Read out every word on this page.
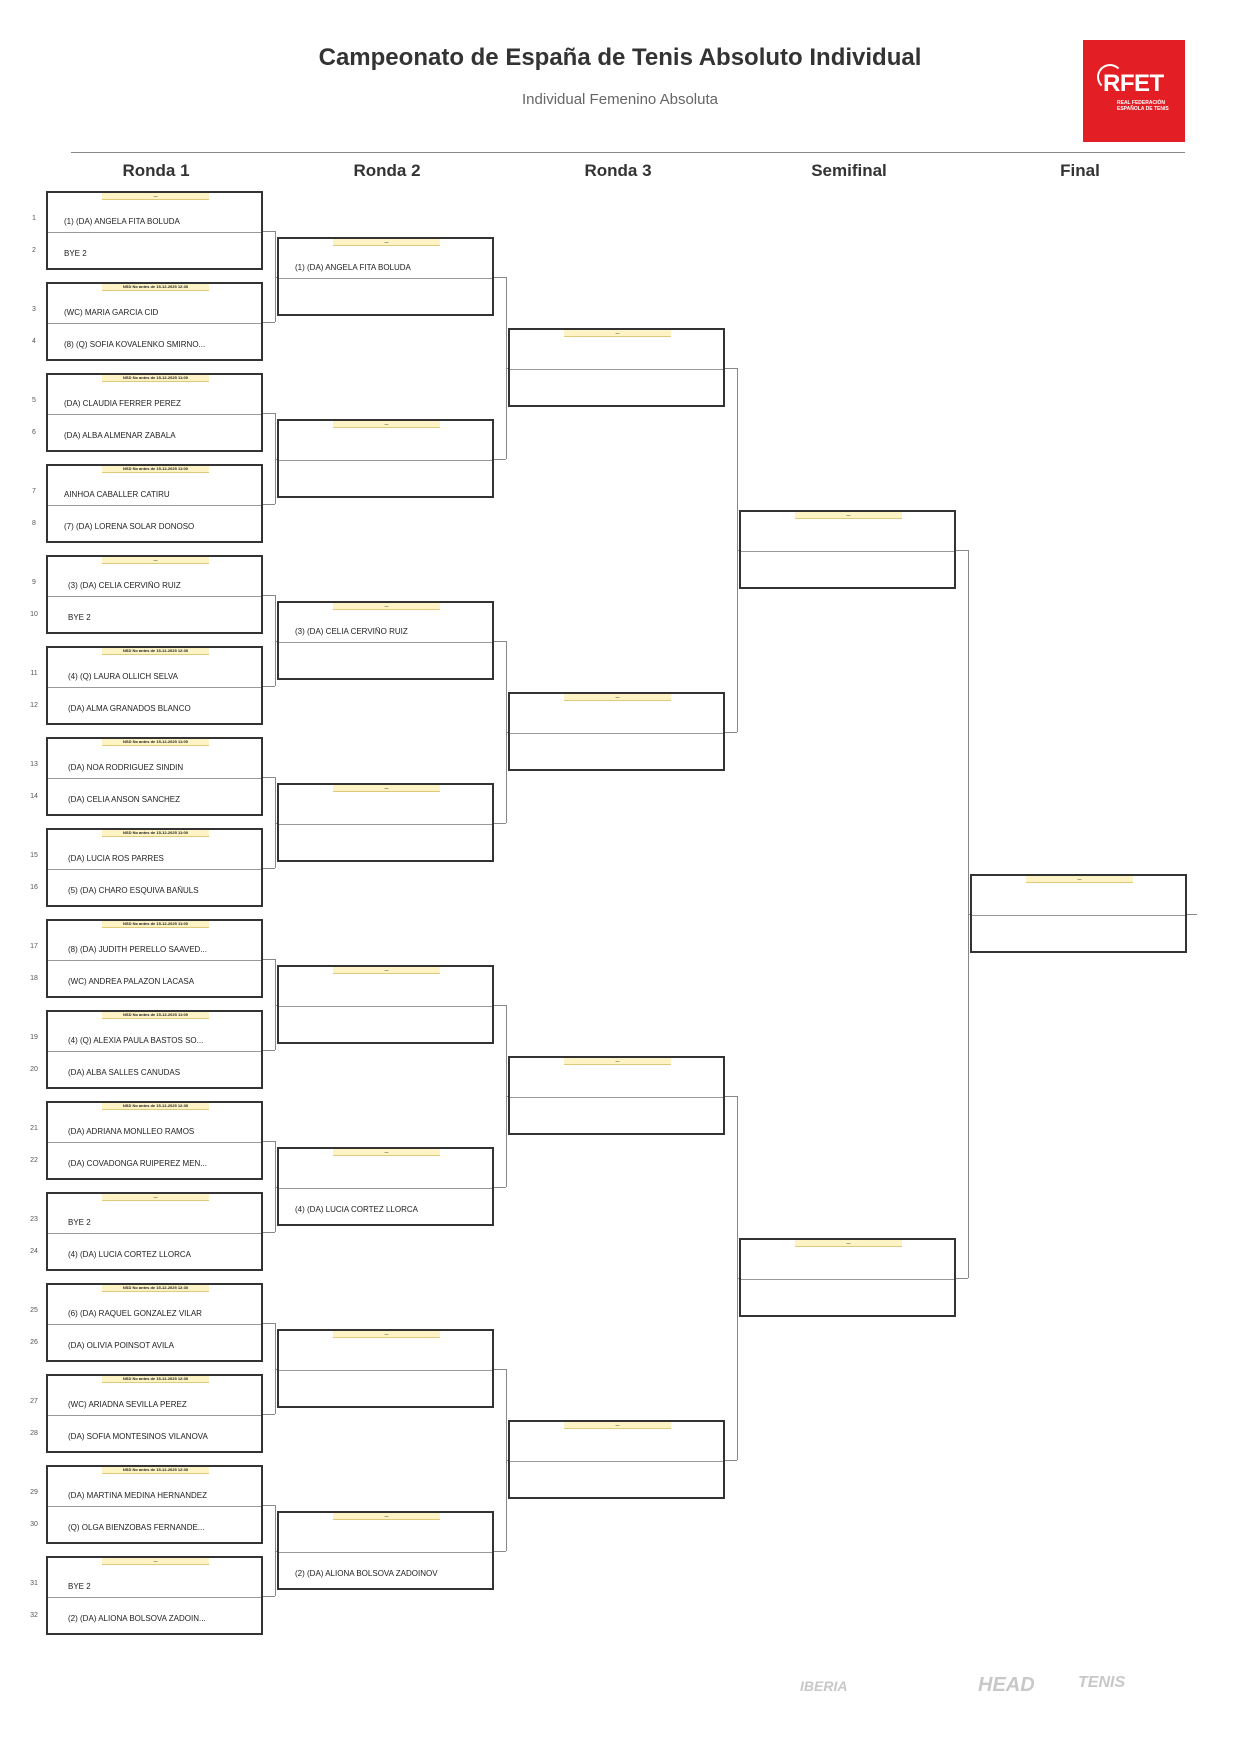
Campeonato de España de Tenis Absoluto Individual
Individual Femenino Absoluta
RFET
REAL FEDERACIÓN
ESPAÑOLA DE TENIS
Ronda 1	Ronda 2	Ronda 3	Semifinal	Final
—
(1) (DA) ANGELA FITA BOLUDA
BYE 2
NSD No antes de 15-12-2025 12:30
(WC) MARIA GARCIA CID
(8) (Q) SOFIA KOVALENKO SMIRNO...
NSD No antes de 15-12-2025 11:00
(DA) CLAUDIA FERRER PEREZ
(DA) ALBA ALMENAR ZABALA
NSD No antes de 15-12-2025 11:00
AINHOA CABALLER CATIRU
(7) (DA) LORENA SOLAR DONOSO
—
(3) (DA) CELIA CERVIÑO RUIZ
BYE 2
NSD No antes de 15-12-2025 12:30
(4) (Q) LAURA OLLICH SELVA
(DA) ALMA GRANADOS BLANCO
NSD No antes de 15-12-2025 11:00
(DA) NOA RODRIGUEZ SINDIN
(DA) CELIA ANSON SANCHEZ
NSD No antes de 15-12-2025 11:00
(DA) LUCIA ROS PARRES
(5) (DA) CHARO ESQUIVA BAÑULS
NSD No antes de 15-12-2025 11:00
(8) (DA) JUDITH PERELLO SAAVED...
(WC) ANDREA PALAZON LACASA
NSD No antes de 15-12-2025 11:00
(4) (Q) ALEXIA PAULA BASTOS SO...
(DA) ALBA SALLES CANUDAS
NSD No antes de 15-12-2025 12:30
(DA) ADRIANA MONLLEO RAMOS
(DA) COVADONGA RUIPEREZ MEN...
—
BYE 2
(4) (DA) LUCIA CORTEZ LLORCA
NSD No antes de 15-12-2025 12:30
(6) (DA) RAQUEL GONZALEZ VILAR
(DA) OLIVIA POINSOT AVILA
NSD No antes de 15-12-2025 12:30
(WC) ARIADNA SEVILLA PEREZ
(DA) SOFIA MONTESINOS VILANOVA
NSD No antes de 15-12-2025 12:30
(DA) MARTINA MEDINA HERNANDEZ
(Q) OLGA BIENZOBAS FERNANDE...
—
BYE 2
(2) (DA) ALIONA BOLSOVA ZADOIN...
—
(1) (DA) ANGELA FITA BOLUDA
—
—
(3) (DA) CELIA CERVIÑO RUIZ
—
—
—
(4) (DA) LUCIA CORTEZ LLORCA
—
—
(2) (DA) ALIONA BOLSOVA ZADOINOV
—
—
—
—
—
—
—
IBERIA	HEAD	TENIS
1
2
3
4
5
6
7
8
9
10
11
12
13
14
15
16
17
18
19
20
21
22
23
24
25
26
27
28
29
30
31
32
